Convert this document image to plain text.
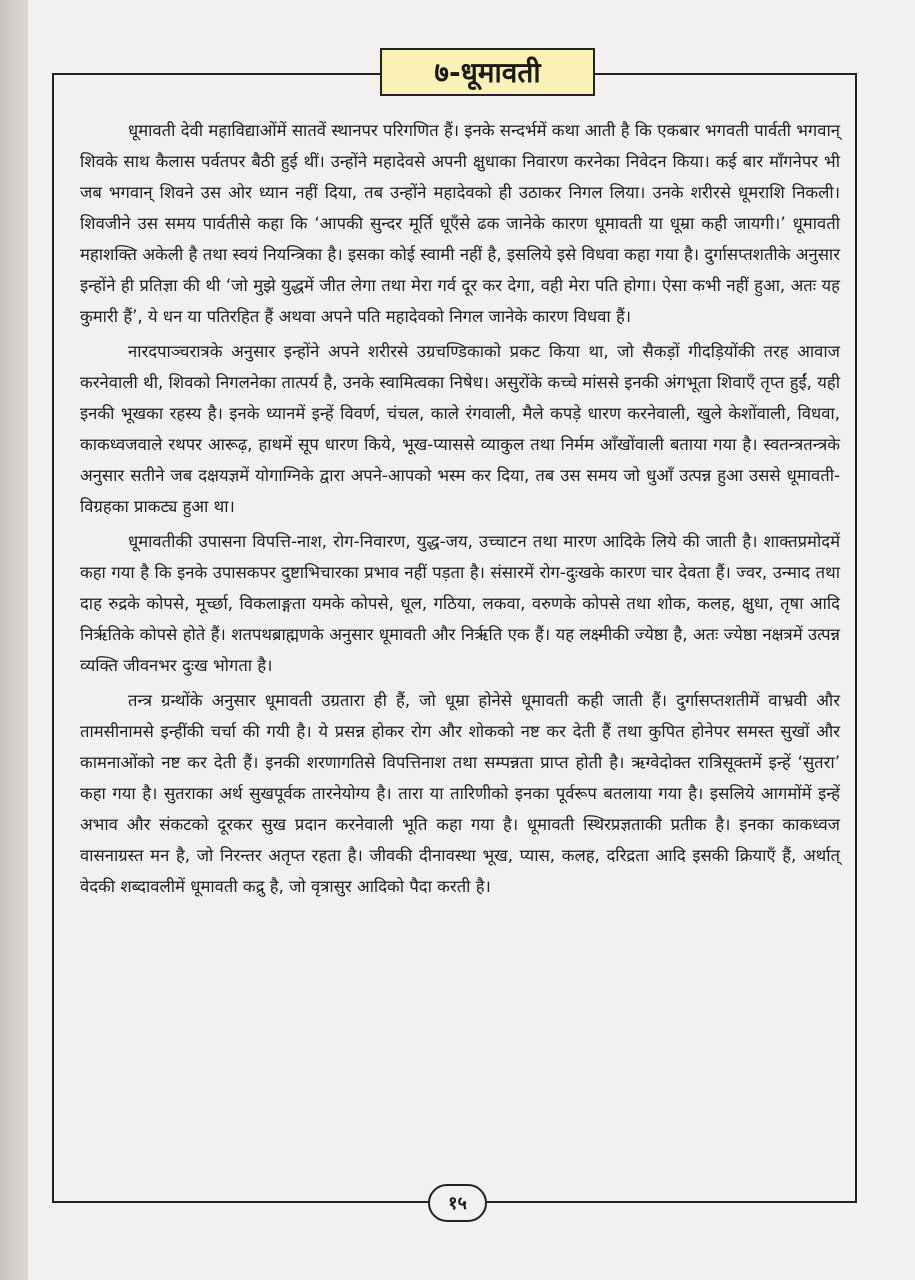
७-धूमावती

धूमावती देवी महाविद्याओंमें सातवें स्थानपर परिगणित हैं। इनके सन्दर्भमें कथा आती है कि एकबार भगवती पार्वती भगवान् शिवके साथ कैलास पर्वतपर बैठी हुई थीं। उन्होंने महादेवसे अपनी क्षुधाका निवारण करनेका निवेदन किया। कई बार माँगनेपर भी जब भगवान् शिवने उस ओर ध्यान नहीं दिया, तब उन्होंने महादेवको ही उठाकर निगल लिया। उनके शरीरसे धूमराशि निकली। शिवजीने उस समय पार्वतीसे कहा कि ‘आपकी सुन्दर मूर्ति धूएँसे ढक जानेके कारण धूमावती या धूम्रा कही जायगी।’ धूमावती महाशक्ति अकेली है तथा स्वयं नियन्त्रिका है। इसका कोई स्वामी नहीं है, इसलिये इसे विधवा कहा गया है। दुर्गासप्तशतीके अनुसार इन्होंने ही प्रतिज्ञा की थी ‘जो मुझे युद्धमें जीत लेगा तथा मेरा गर्व दूर कर देगा, वही मेरा पति होगा। ऐसा कभी नहीं हुआ, अतः यह कुमारी हैं’, ये धन या पतिरहित हैं अथवा अपने पति महादेवको निगल जानेके कारण विधवा हैं।

नारदपाञ्चरात्रके अनुसार इन्होंने अपने शरीरसे उग्रचण्डिकाको प्रकट किया था, जो सैकड़ों गीदड़ियोंकी तरह आवाज करनेवाली थी, शिवको निगलनेका तात्पर्य है, उनके स्वामित्वका निषेध। असुरोंके कच्चे मांससे इनकी अंगभूता शिवाएँ तृप्त हुईं, यही इनकी भूखका रहस्य है। इनके ध्यानमें इन्हें विवर्ण, चंचल, काले रंगवाली, मैले कपड़े धारण करनेवाली, खुले केशोंवाली, विधवा, काकध्वजवाले रथपर आरूढ़, हाथमें सूप धारण किये, भूख-प्याससे व्याकुल तथा निर्मम आँखोंवाली बताया गया है। स्वतन्त्रतन्त्रके अनुसार सतीने जब दक्षयज्ञमें योगाग्निके द्वारा अपने-आपको भस्म कर दिया, तब उस समय जो धुआँ उत्पन्न हुआ उससे धूमावती-विग्रहका प्राकट्य हुआ था।

धूमावतीकी उपासना विपत्ति-नाश, रोग-निवारण, युद्ध-जय, उच्चाटन तथा मारण आदिके लिये की जाती है। शाक्तप्रमोदमें कहा गया है कि इनके उपासकपर दुष्टाभिचारका प्रभाव नहीं पड़ता है। संसारमें रोग-दुःखके कारण चार देवता हैं। ज्वर, उन्माद तथा दाह रुद्रके कोपसे, मूर्च्छा, विकलाङ्गता यमके कोपसे, धूल, गठिया, लकवा, वरुणके कोपसे तथा शोक, कलह, क्षुधा, तृषा आदि निर्ऋतिके कोपसे होते हैं। शतपथब्राह्मणके अनुसार धूमावती और निर्ऋति एक हैं। यह लक्ष्मीकी ज्येष्ठा है, अतः ज्येष्ठा नक्षत्रमें उत्पन्न व्यक्ति जीवनभर दुःख भोगता है।

तन्त्र ग्रन्थोंके अनुसार धूमावती उग्रतारा ही हैं, जो धूम्रा होनेसे धूमावती कही जाती हैं। दुर्गासप्तशतीमें वाभ्रवी और तामसीनामसे इन्हींकी चर्चा की गयी है। ये प्रसन्न होकर रोग और शोकको नष्ट कर देती हैं तथा कुपित होनेपर समस्त सुखों और कामनाओंको नष्ट कर देती हैं। इनकी शरणागतिसे विपत्तिनाश तथा सम्पन्नता प्राप्त होती है। ऋग्वेदोक्त रात्रिसूक्तमें इन्हें ‘सुतरा’ कहा गया है। सुतराका अर्थ सुखपूर्वक तारनेयोग्य है। तारा या तारिणीको इनका पूर्वरूप बतलाया गया है। इसलिये आगमोंमें इन्हें अभाव और संकटको दूरकर सुख प्रदान करनेवाली भूति कहा गया है। धूमावती स्थिरप्रज्ञताकी प्रतीक है। इनका काकध्वज वासनाग्रस्त मन है, जो निरन्तर अतृप्त रहता है। जीवकी दीनावस्था भूख, प्यास, कलह, दरिद्रता आदि इसकी क्रियाएँ हैं, अर्थात् वेदकी शब्दावलीमें धूमावती कद्रु है, जो वृत्रासुर आदिको पैदा करती है।

१५
